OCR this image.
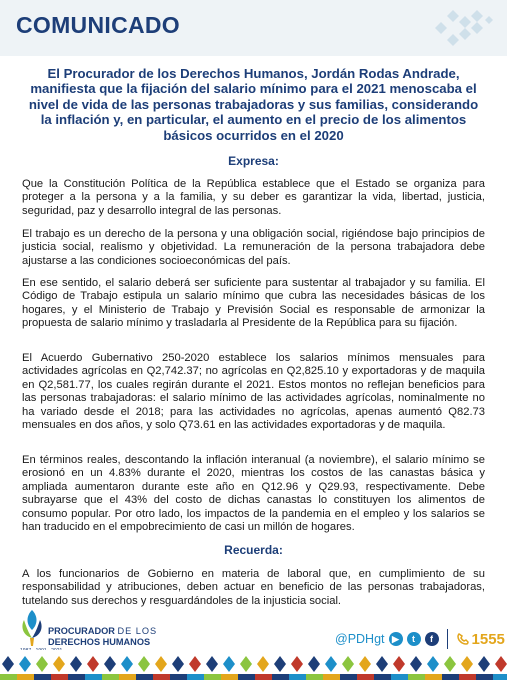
COMUNICADO
El Procurador de los Derechos Humanos, Jordán Rodas Andrade, manifiesta que la fijación del salario mínimo para el 2021 menoscaba el nivel de vida de las personas trabajadoras y sus familias, considerando la inflación y, en particular, el aumento en el precio de los alimentos básicos ocurridos en el 2020
Expresa:
Que la Constitución Política de la República establece que el Estado se organiza para proteger a la persona y a la familia, y su deber es garantizar la vida, libertad, justicia, seguridad, paz y desarrollo integral de las personas.
El trabajo es un derecho de la persona y una obligación social, rigiéndose bajo principios de justicia social, realismo y objetividad. La remuneración de la persona trabajadora debe ajustarse a las condiciones socioeconómicas del país.
En ese sentido, el salario deberá ser suficiente para sustentar al trabajador y su familia. El Código de Trabajo estipula un salario mínimo que cubra las necesidades básicas de los hogares, y el Ministerio de Trabajo y Previsión Social es responsable de armonizar la propuesta de salario mínimo y trasladarla al Presidente de la República para su fijación.
El Acuerdo Gubernativo 250-2020 establece los salarios mínimos mensuales para actividades agrícolas en Q2,742.37; no agrícolas en Q2,825.10 y exportadoras y de maquila en Q2,581.77, los cuales regirán durante el 2021. Estos montos no reflejan beneficios para las personas trabajadoras: el salario mínimo de las actividades agrícolas, nominalmente no ha variado desde el 2018; para las actividades no agrícolas, apenas aumentó Q82.73 mensuales en dos años, y solo Q73.61 en las actividades exportadoras y de maquila.
En términos reales, descontando la inflación interanual (a noviembre), el salario mínimo se erosionó en un 4.83% durante el 2020, mientras los costos de las canastas básica y ampliada aumentaron durante este año en Q12.96 y Q29.93, respectivamente. Debe subrayarse que el 43% del costo de dichas canastas lo constituyen los alimentos de consumo popular. Por otro lado, los impactos de la pandemia en el empleo y los salarios se han traducido en el empobrecimiento de casi un millón de hogares.
Recuerda:
A los funcionarios de Gobierno en materia de laboral que, en cumplimiento de su responsabilidad y atribuciones, deben actuar en beneficio de las personas trabajadoras, tutelando sus derechos y resguardándoles de la injusticia social.
PROCURADOR DE LOS
DERECHOS HUMANOS	@PDHgt ▶	t	f	1555
